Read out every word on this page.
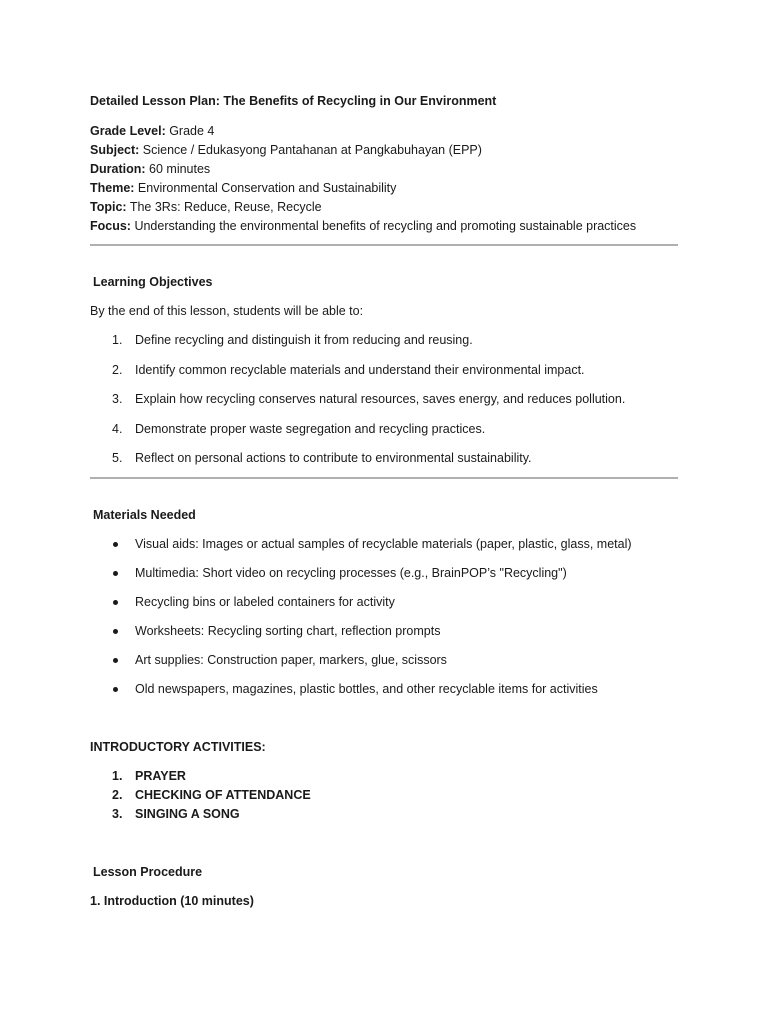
Detailed Lesson Plan: The Benefits of Recycling in Our Environment
Grade Level: Grade 4
Subject: Science / Edukasyong Pantahanan at Pangkabuhayan (EPP)
Duration: 60 minutes
Theme: Environmental Conservation and Sustainability
Topic: The 3Rs: Reduce, Reuse, Recycle
Focus: Understanding the environmental benefits of recycling and promoting sustainable practices
Learning Objectives
By the end of this lesson, students will be able to:
1. Define recycling and distinguish it from reducing and reusing.
2. Identify common recyclable materials and understand their environmental impact.
3. Explain how recycling conserves natural resources, saves energy, and reduces pollution.
4. Demonstrate proper waste segregation and recycling practices.
5. Reflect on personal actions to contribute to environmental sustainability.
Materials Needed
Visual aids: Images or actual samples of recyclable materials (paper, plastic, glass, metal)
Multimedia: Short video on recycling processes (e.g., BrainPOP’s "Recycling")
Recycling bins or labeled containers for activity
Worksheets: Recycling sorting chart, reflection prompts
Art supplies: Construction paper, markers, glue, scissors
Old newspapers, magazines, plastic bottles, and other recyclable items for activities
INTRODUCTORY ACTIVITIES:
1. PRAYER
2. CHECKING OF ATTENDANCE
3. SINGING A SONG
Lesson Procedure
1. Introduction (10 minutes)
